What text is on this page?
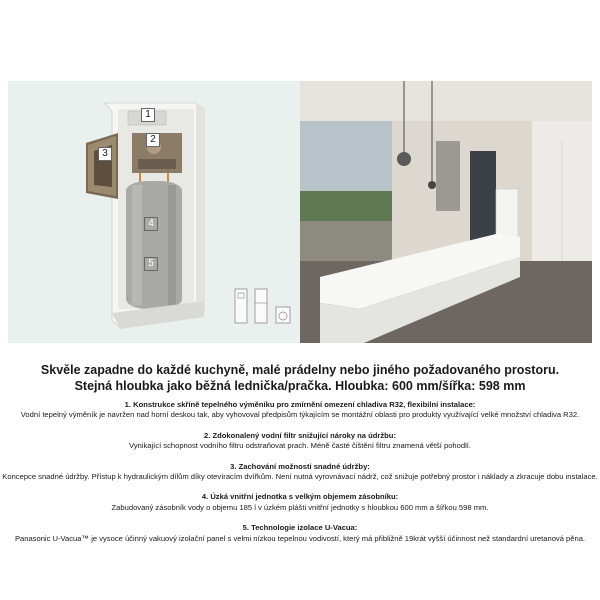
1
2
3
4
5
Skvěle zapadne do každé kuchyně, malé prádelny nebo jiného požadovaného prostoru.
Stejná hloubka jako běžná lednička/pračka. Hloubka: 600 mm/šířka: 598 mm
1. Konstrukce skříně tepelného výměníku pro zmírnění omezení chladiva R32, flexibilní instalace:
Vodní tepelný výměník je navržen nad horní deskou tak, aby vyhovoval předpisům týkajícím se montážní oblasti pro produkty využívající velké množství chladiva R32.
2. Zdokonalený vodní filtr snižující nároky na údržbu:
Vynikající schopnost vodního filtru odstraňovat prach. Méně časté čištění filtru znamená větší pohodlí.
3. Zachování možnosti snadné údržby:
Koncepce snadné údržby. Přístup k hydraulickým dílům díky otevíracím dvířkům. Není nutná vyrovnávací nádrž, což snižuje potřebný prostor i náklady a zkracuje dobu instalace.
4. Úzká vnitřní jednotka s velkým objemem zásobníku:
Zabudovaný zásobník vody o objemu 185 l v úzkém plášti vnitřní jednotky s hloubkou 600 mm a šířkou 598 mm.
5. Technologie izolace U-Vacua:
Panasonic U-Vacua™ je vysoce účinný vakuový izolační panel s velmi nízkou tepelnou vodivostí, který má přibližně 19krát vyšší účinnost než standardní uretanová pěna.
